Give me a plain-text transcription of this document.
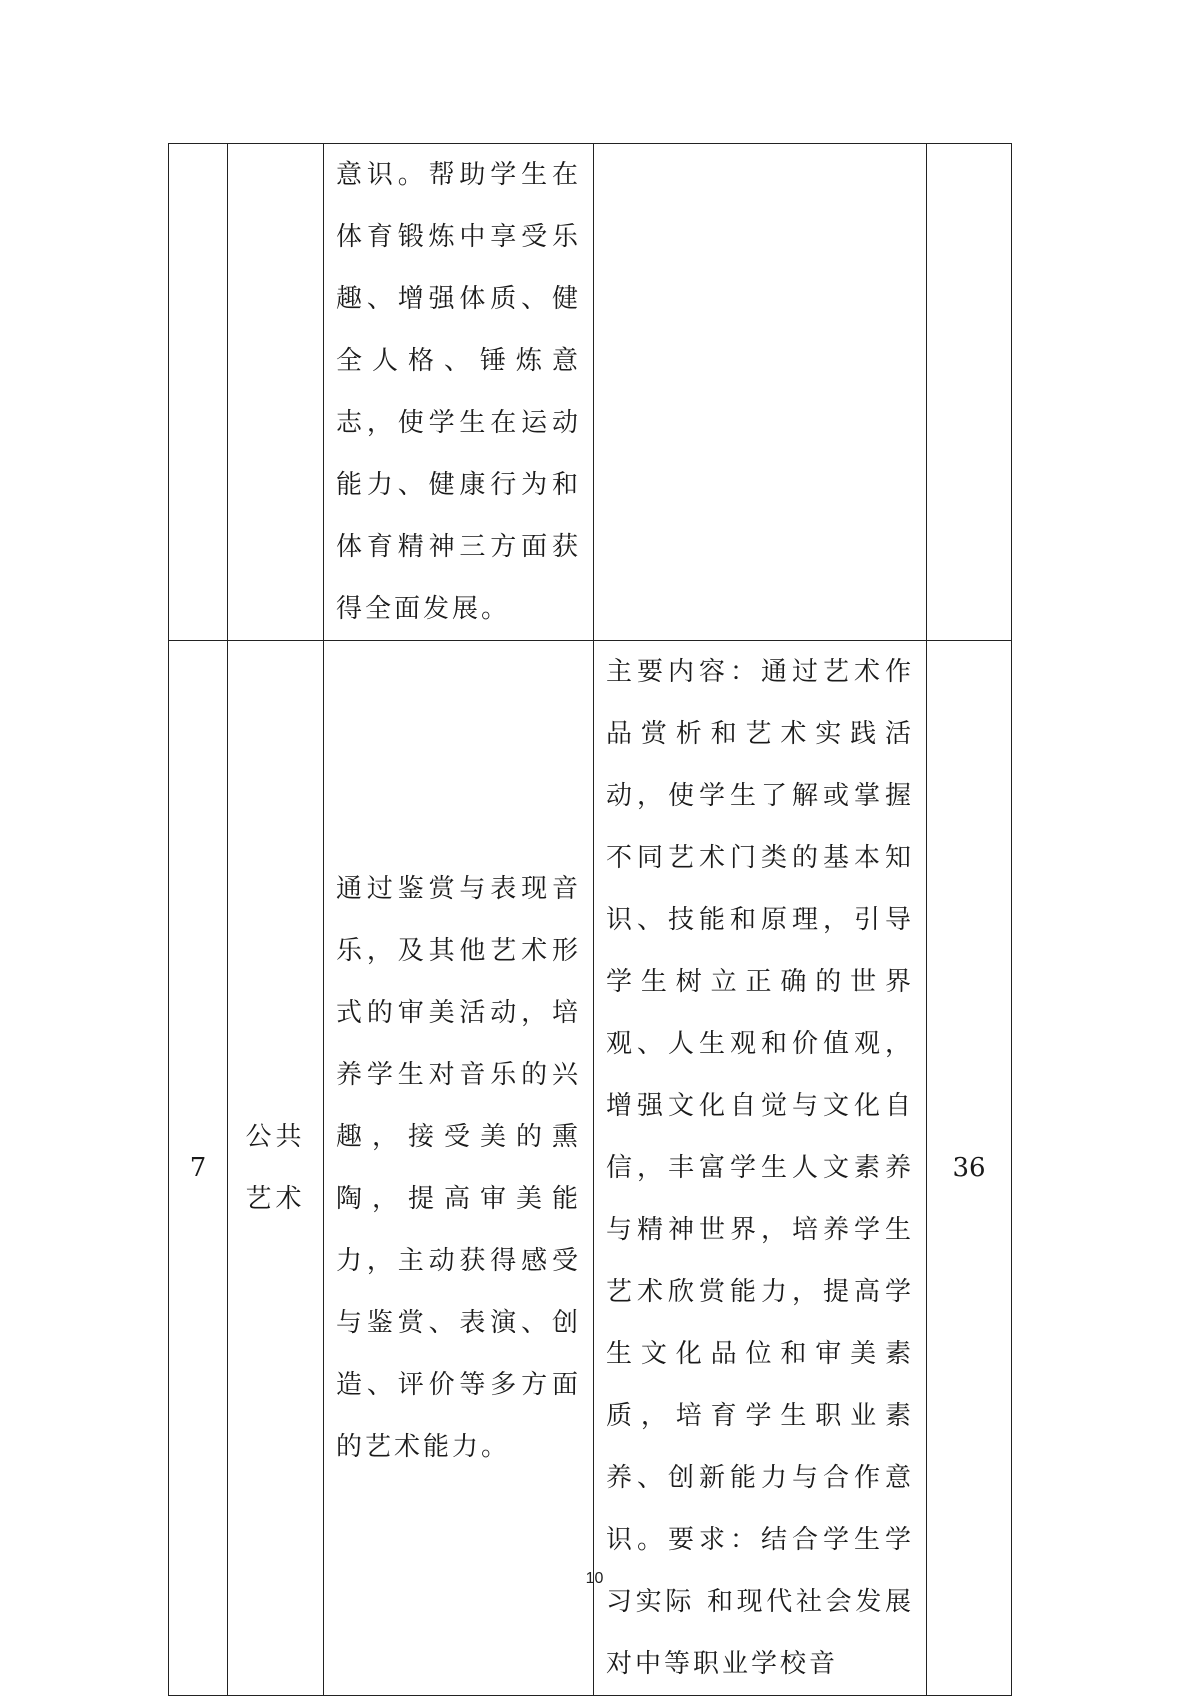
		意识。帮助学生在体育锻炼中享受乐趣、增强体质、健全人格、锤炼意志，使学生在运动能力、健康行为和体育精神三方面获得全面发展。		

7	公共艺术	通过鉴赏与表现音乐，及其他艺术形式的审美活动，培养学生对音乐的兴趣，接受美的熏陶，提高审美能力，主动获得感受与鉴赏、表演、创造、评价等多方面的艺术能力。	主要内容：通过艺术作品赏析和艺术实践活动，使学生了解或掌握不同艺术门类的基本知识、技能和原理，引导学生树立正确的世界观、人生观和价值观，增强文化自觉与文化自信，丰富学生人文素养与精神世界，培养学生艺术欣赏能力，提高学生文化品位和审美素质，培育学生职业素养、创新能力与合作意识。要求：结合学生学习实际 和现代社会发展对中等职业学校音	36
10
